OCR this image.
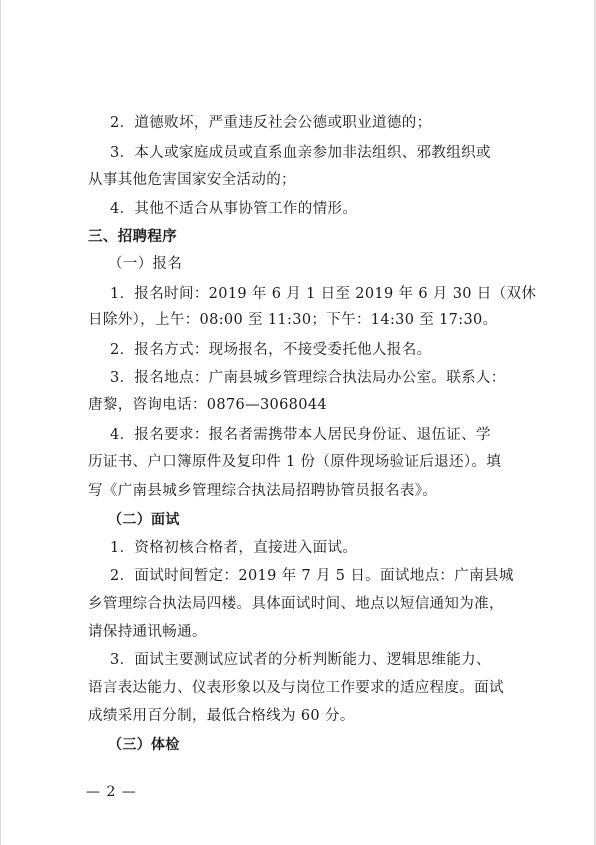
2．道德败坏，严重违反社会公德或职业道德的；
3．本人或家庭成员或直系血亲参加非法组织、邪教组织或
从事其他危害国家安全活动的；
4．其他不适合从事协管工作的情形。
三、招聘程序
（一）报名
1．报名时间：2019 年 6 月 1 日至 2019 年 6 月 30 日（双休
日除外），上午：08:00 至 11:30；下午：14:30 至 17:30。
2．报名方式：现场报名，不接受委托他人报名。
3．报名地点：广南县城乡管理综合执法局办公室。联系人：
唐黎，咨询电话：0876—3068044
4．报名要求：报名者需携带本人居民身份证、退伍证、学
历证书、户口簿原件及复印件 1 份（原件现场验证后退还）。填
写《广南县城乡管理综合执法局招聘协管员报名表》。
（二）面试
1．资格初核合格者，直接进入面试。
2．面试时间暂定：2019 年 7 月 5 日。面试地点：广南县城
乡管理综合执法局四楼。具体面试时间、地点以短信通知为准，
请保持通讯畅通。
3．面试主要测试应试者的分析判断能力、逻辑思维能力、
语言表达能力、仪表形象以及与岗位工作要求的适应程度。面试
成绩采用百分制，最低合格线为 60 分。
（三）体检
— 2 —
